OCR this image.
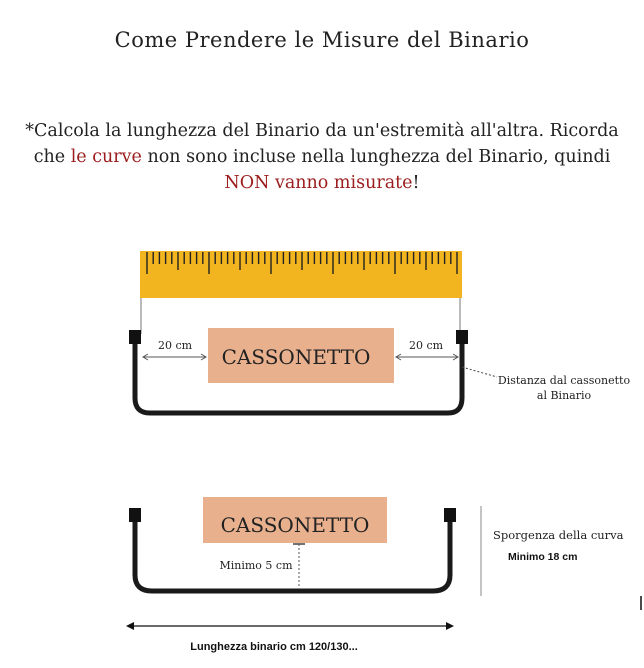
Come Prendere le Misure del Binario
*Calcola la lunghezza del Binario da un'estremità all'altra. Ricorda che le curve non sono incluse nella lunghezza del Binario, quindi NON vanno misurate!
CASSONETTO
20 cm	20 cm
Distanza dal cassonetto
al Binario
CASSONETTO
Minimo 5 cm
Sporgenza della curva
Minimo 18 cm
Lunghezza binario cm 120/130...
